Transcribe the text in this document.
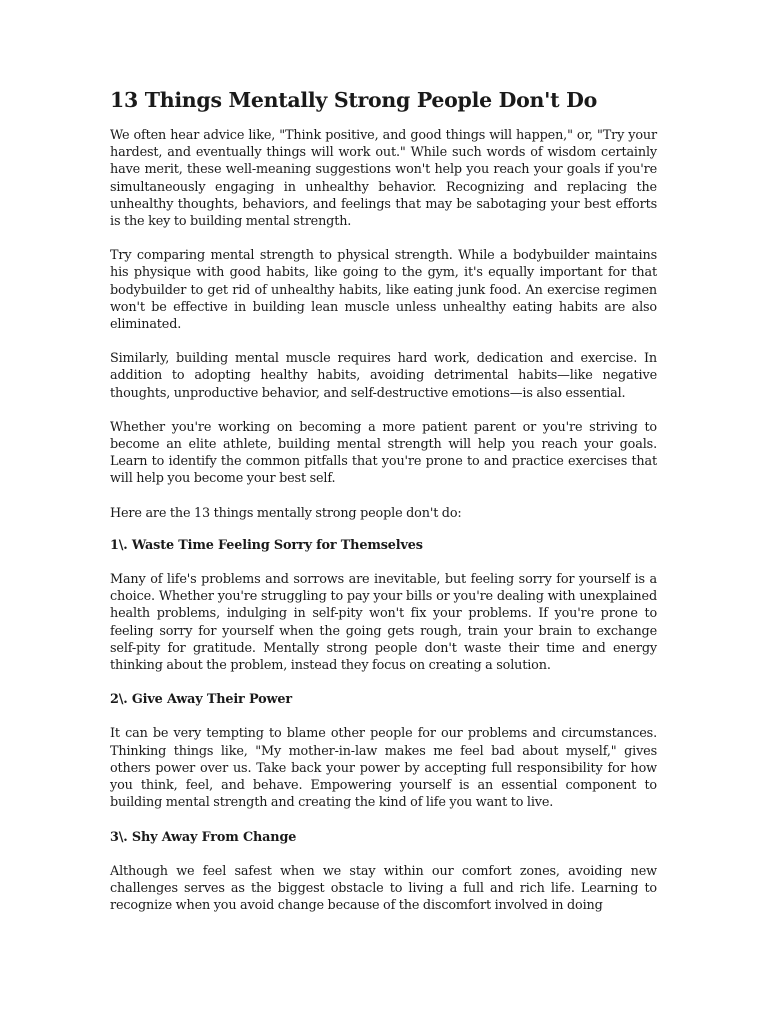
13 Things Mentally Strong People Don't Do

We often hear advice like, "Think positive, and good things will happen," or, "Try your hardest, and eventually things will work out." While such words of wisdom certainly have merit, these well-meaning suggestions won't help you reach your goals if you're simultaneously engaging in unhealthy behavior. Recognizing and replacing the unhealthy thoughts, behaviors, and feelings that may be sabotaging your best efforts is the key to building mental strength.

Try comparing mental strength to physical strength. While a bodybuilder maintains his physique with good habits, like going to the gym, it's equally important for that bodybuilder to get rid of unhealthy habits, like eating junk food. An exercise regimen won't be effective in building lean muscle unless unhealthy eating habits are also eliminated.

Similarly, building mental muscle requires hard work, dedication and exercise. In addition to adopting healthy habits, avoiding detrimental habits—like negative thoughts, unproductive behavior, and self-destructive emotions—is also essential.

Whether you're working on becoming a more patient parent or you're striving to become an elite athlete, building mental strength will help you reach your goals. Learn to identify the common pitfalls that you're prone to and practice exercises that will help you become your best self.

Here are the 13 things mentally strong people don't do:

1\. Waste Time Feeling Sorry for Themselves

Many of life's problems and sorrows are inevitable, but feeling sorry for yourself is a choice. Whether you're struggling to pay your bills or you're dealing with unexplained health problems, indulging in self-pity won't fix your problems. If you're prone to feeling sorry for yourself when the going gets rough, train your brain to exchange self-pity for gratitude. Mentally strong people don't waste their time and energy thinking about the problem, instead they focus on creating a solution.

2\. Give Away Their Power

It can be very tempting to blame other people for our problems and circumstances. Thinking things like, "My mother-in-law makes me feel bad about myself," gives others power over us. Take back your power by accepting full responsibility for how you think, feel, and behave. Empowering yourself is an essential component to building mental strength and creating the kind of life you want to live.

3\. Shy Away From Change

Although we feel safest when we stay within our comfort zones, avoiding new challenges serves as the biggest obstacle to living a full and rich life. Learning to recognize when you avoid change because of the discomfort involved in doing
